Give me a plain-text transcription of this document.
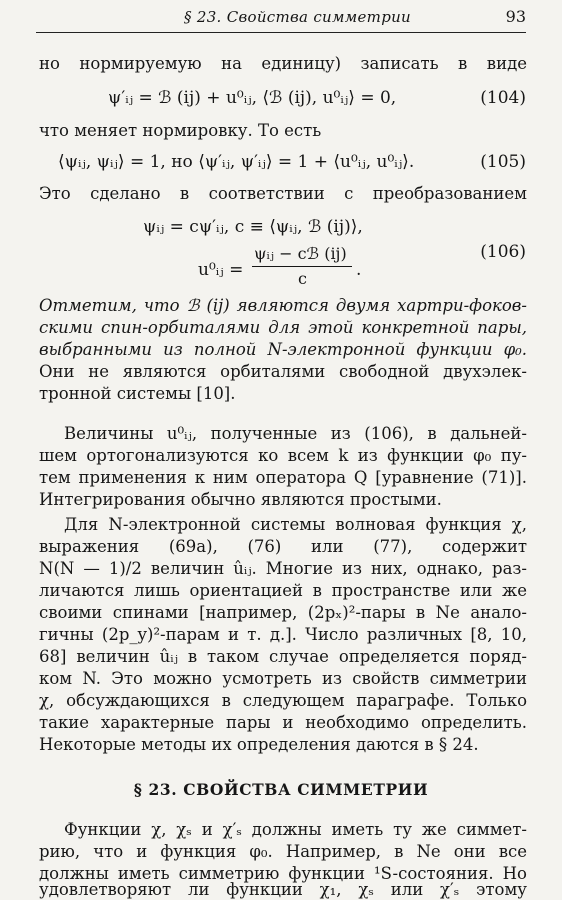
§ 23. Свойства симметрии	93
но нормируемую на единицу) записать в виде
ψ′ᵢⱼ = ℬ (ij) + u⁰ᵢⱼ, ⟨ℬ (ij), u⁰ᵢⱼ⟩ = 0,	(104)
что меняет нормировку. То есть
⟨ψᵢⱼ, ψᵢⱼ⟩ = 1, но ⟨ψ′ᵢⱼ, ψ′ᵢⱼ⟩ = 1 + ⟨u⁰ᵢⱼ, u⁰ᵢⱼ⟩.	(105)
Это сделано в соответствии с преобразованием
ψᵢⱼ = cψ′ᵢⱼ, c ≡ ⟨ψᵢⱼ, ℬ (ij)⟩,
(106)
u⁰ᵢⱼ =
ψᵢⱼ − cℬ (ij)
c	.
Отметим, что ℬ (ij) являются двумя хартри-фоков-
скими спин-орбиталями для этой конкретной пары,
выбранными из полной N-электронной функции φ₀.
Они не являются орбиталями свободной двухэлек-
тронной системы [10].
Величины u⁰ᵢⱼ, полученные из (106), в дальней-
шем ортогонализуются ко всем k из функции φ₀ пу-
тем применения к ним оператора Q [уравнение (71)].
Интегрирования обычно являются простыми.
Для N-электронной системы волновая функция χ,
выражения (69а), (76) или (77), содержит
N(N — 1)/2 величин ûᵢⱼ. Многие из них, однако, раз-
личаются лишь ориентацией в пространстве или же
своими спинами [например, (2pₓ)²-пары в Ne анало-
гичны (2p_y)²-парам и т. д.]. Число различных [8, 10,
68] величин ûᵢⱼ в таком случае определяется поряд-
ком N. Это можно усмотреть из свойств симметрии
χ, обсуждающихся в следующем параграфе. Только
такие характерные пары и необходимо определить.
Некоторые методы их определения даются в § 24.
§ 23. СВОЙСТВА СИММЕТРИИ
Функции χ, χₛ и χ′ₛ должны иметь ту же симмет-
рию, что и функция φ₀. Например, в Ne они все
должны иметь симметрию функции ¹S-состояния. Но
удовлетворяют ли функции χ₁, χₛ или χ′ₛ этому
